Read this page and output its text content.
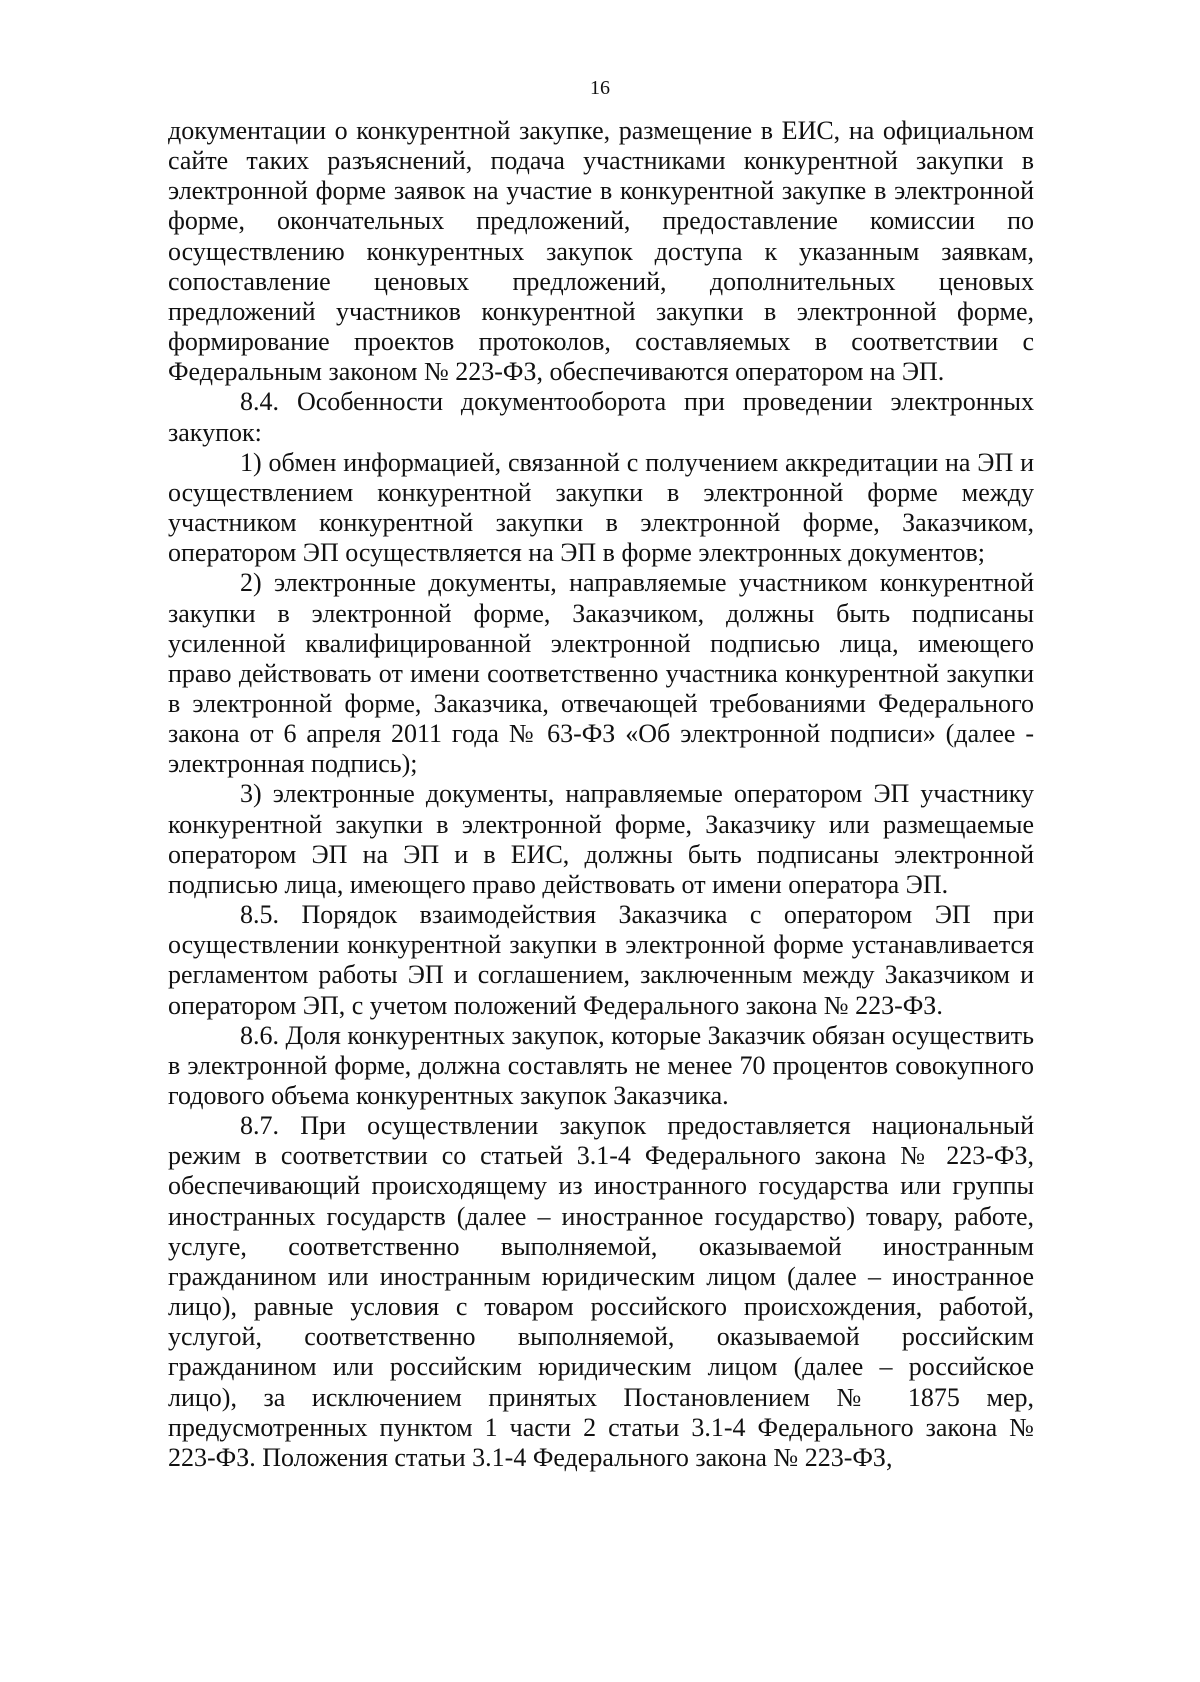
16

документации о конкурентной закупке, размещение в ЕИС, на официальном сайте таких разъяснений, подача участниками конкурентной закупки в электронной форме заявок на участие в конкурентной закупке в электронной форме, окончательных предложений, предоставление комиссии по осуществлению конкурентных закупок доступа к указанным заявкам, сопоставление ценовых предложений, дополнительных ценовых предложений участников конкурентной закупки в электронной форме, формирование проектов протоколов, составляемых в соответствии с Федеральным законом № 223-ФЗ, обеспечиваются оператором на ЭП.

8.4. Особенности документооборота при проведении электронных закупок:

1) обмен информацией, связанной с получением аккредитации на ЭП и осуществлением конкурентной закупки в электронной форме между участником конкурентной закупки в электронной форме, Заказчиком, оператором ЭП осуществляется на ЭП в форме электронных документов;

2) электронные документы, направляемые участником конкурентной закупки в электронной форме, Заказчиком, должны быть подписаны усиленной квалифицированной электронной подписью лица, имеющего право действовать от имени соответственно участника конкурентной закупки в электронной форме, Заказчика, отвечающей требованиями Федерального закона от 6 апреля 2011 года № 63-ФЗ «Об электронной подписи» (далее - электронная подпись);

3) электронные документы, направляемые оператором ЭП участнику конкурентной закупки в электронной форме, Заказчику или размещаемые оператором ЭП на ЭП и в ЕИС, должны быть подписаны электронной подписью лица, имеющего право действовать от имени оператора ЭП.

8.5. Порядок взаимодействия Заказчика с оператором ЭП при осуществлении конкурентной закупки в электронной форме устанавливается регламентом работы ЭП и соглашением, заключенным между Заказчиком и оператором ЭП, с учетом положений Федерального закона № 223-ФЗ.

8.6. Доля конкурентных закупок, которые Заказчик обязан осуществить в электронной форме, должна составлять не менее 70 процентов совокупного годового объема конкурентных закупок Заказчика.

8.7. При осуществлении закупок предоставляется национальный режим в соответствии со статьей 3.1-4 Федерального закона № 223-ФЗ, обеспечивающий происходящему из иностранного государства или группы иностранных государств (далее – иностранное государство) товару, работе, услуге, соответственно выполняемой, оказываемой иностранным гражданином или иностранным юридическим лицом (далее – иностранное лицо), равные условия с товаром российского происхождения, работой, услугой, соответственно выполняемой, оказываемой российским гражданином или российским юридическим лицом (далее – российское лицо), за исключением принятых Постановлением № 1875 мер, предусмотренных пунктом 1 части 2 статьи 3.1-4 Федерального закона № 223-ФЗ. Положения статьи 3.1-4 Федерального закона № 223-ФЗ,
